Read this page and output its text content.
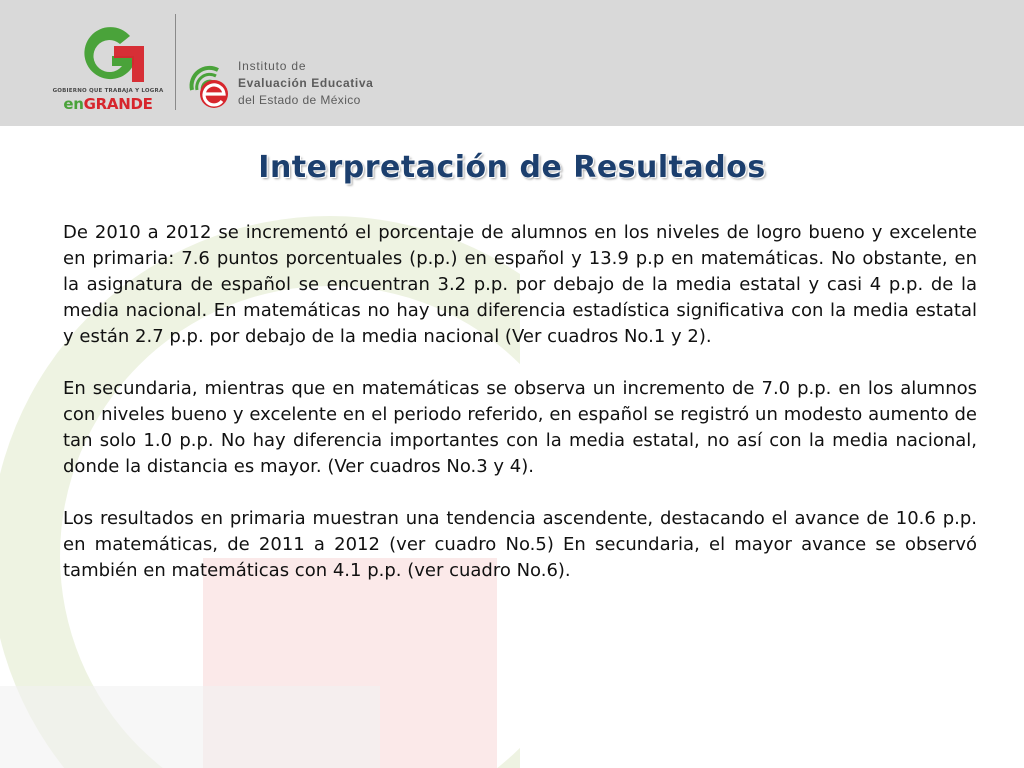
GOBIERNO QUE TRABAJA Y LOGRA
enGRANDE
Instituto de
Evaluación Educativa
del Estado de México
Interpretación de Resultados

De 2010 a 2012 se incrementó el porcentaje de alumnos en los niveles de logro bueno y excelente en primaria: 7.6 puntos porcentuales (p.p.) en español y 13.9 p.p en matemáticas. No obstante, en la asignatura de español se encuentran 3.2 p.p. por debajo de la media estatal y casi 4 p.p. de la media nacional. En matemáticas no hay una diferencia estadística significativa con la media estatal y están 2.7 p.p. por debajo de la media nacional (Ver cuadros No.1 y 2).

En secundaria, mientras que en matemáticas se observa un incremento de 7.0 p.p. en los alumnos con niveles bueno y excelente en el periodo referido, en español se registró un modesto aumento de tan solo 1.0 p.p. No hay diferencia importantes con la media estatal, no así con la media nacional, donde la distancia es mayor. (Ver cuadros No.3 y 4).

Los resultados en primaria muestran una tendencia ascendente, destacando el avance de 10.6 p.p. en matemáticas, de 2011 a 2012 (ver cuadro No.5) En secundaria, el mayor avance se observó también en matemáticas con 4.1 p.p. (ver cuadro No.6).
